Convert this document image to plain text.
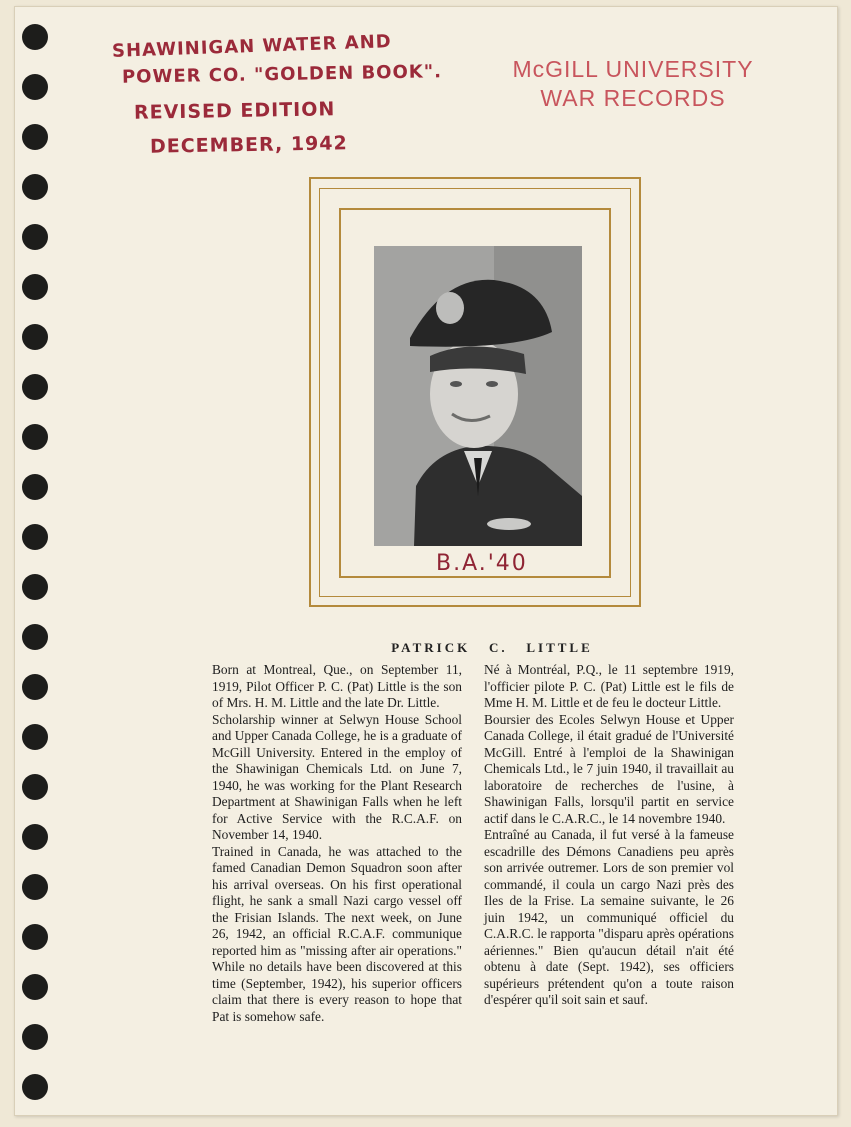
SHAWINIGAN WATER AND
POWER CO. "GOLDEN BOOK".
REVISED EDITION
DECEMBER, 1942
McGILL UNIVERSITY
WAR RECORDS
B.A.'40
PATRICK   C.   LITTLE

Born at Montreal, Que., on September 11, 1919, Pilot Officer P. C. (Pat) Little is the son of Mrs. H. M. Little and the late Dr. Little.

Scholarship winner at Selwyn House School and Upper Canada College, he is a graduate of McGill University. Entered in the employ of the Shawinigan Chemicals Ltd. on June 7, 1940, he was working for the Plant Research Department at Shawinigan Falls when he left for Active Service with the R.C.A.F. on November 14, 1940.

Trained in Canada, he was attached to the famed Canadian Demon Squadron soon after his arrival overseas. On his first operational flight, he sank a small Nazi cargo vessel off the Frisian Islands. The next week, on June 26, 1942, an official R.C.A.F. communique reported him as "missing after air operations." While no details have been discovered at this time (September, 1942), his superior officers claim that there is every reason to hope that Pat is somehow safe.

Né à Montréal, P.Q., le 11 septembre 1919, l'officier pilote P. C. (Pat) Little est le fils de Mme H. M. Little et de feu le docteur Little.

Boursier des Ecoles Selwyn House et Upper Canada College, il était gradué de l'Université McGill. Entré à l'emploi de la Shawinigan Chemicals Ltd., le 7 juin 1940, il travaillait au laboratoire de recherches de l'usine, à Shawinigan Falls, lorsqu'il partit en service actif dans le C.A.R.C., le 14 novembre 1940.

Entraîné au Canada, il fut versé à la fameuse escadrille des Démons Canadiens peu après son arrivée outremer. Lors de son premier vol commandé, il coula un cargo Nazi près des Iles de la Frise. La semaine suivante, le 26 juin 1942, un communiqué officiel du C.A.R.C. le rapporta "disparu après opérations aériennes." Bien qu'aucun détail n'ait été obtenu à date (Sept. 1942), ses officiers supérieurs prétendent qu'on a toute raison d'espérer qu'il soit sain et sauf.
